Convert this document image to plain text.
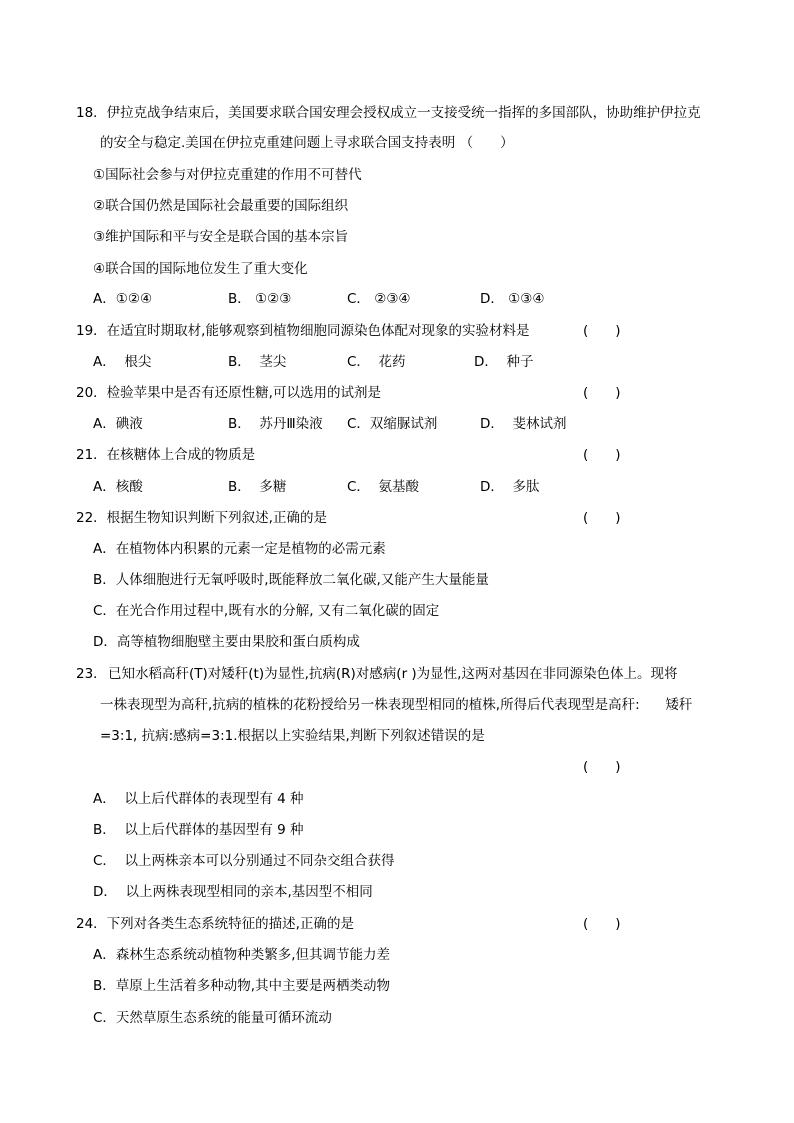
18．伊拉克战争结束后，美国要求联合国安理会授权成立一支接受统一指挥的多国部队，协助维护伊拉克
的安全与稳定.美国在伊拉克重建问题上寻求联合国支持表明 （　　）
①国际社会参与对伊拉克重建的作用不可替代
②联合国仍然是国际社会最重要的国际组织
③维护国际和平与安全是联合国的基本宗旨
④联合国的国际地位发生了重大变化
A．①②④	B． ①②③	C． ②③④	D． ①③④
19．在适宜时期取材,能够观察到植物细胞同源染色体配对现象的实验材料是	(　　)
A．  根尖	B．  茎尖	C．  花药	D．  种子
20．检验苹果中是否有还原性糖,可以选用的试剂是	(　　)
A．碘液	B．  苏丹Ⅲ染液 C．双缩脲试剂	D．  斐林试剂
21．在核糖体上合成的物质是	(　　)
A．核酸	B．  多糖	C．  氨基酸	D．  多肽
22．根据生物知识判断下列叙述,正确的是	(　　)
A．在植物体内积累的元素一定是植物的必需元素
B．人体细胞进行无氧呼吸时,既能释放二氧化碳,又能产生大量能量
C．在光合作用过程中,既有水的分解, 又有二氧化碳的固定
D．高等植物细胞壁主要由果胶和蛋白质构成
23． 已知水稻高秆(T)对矮秆(t)为显性,抗病(R)对感病(r )为显性,这两对基因在非同源染色体上。现将
一株表现型为高秆,抗病的植株的花粉授给另一株表现型相同的植株,所得后代表现型是高秆:      矮秆
=3:1, 抗病:感病=3:1.根据以上实验结果,判断下列叙述错误的是
(　　)
A．  以上后代群体的表现型有 4 种
B．  以上后代群体的基因型有 9 种
C．  以上两株亲本可以分别通过不同杂交组合获得
D．  以上两株表现型相同的亲本,基因型不相同
24．下列对各类生态系统特征的描述,正确的是	(　　)
A．森林生态系统动植物种类繁多,但其调节能力差
B．草原上生活着多种动物,其中主要是两栖类动物
C．天然草原生态系统的能量可循环流动
